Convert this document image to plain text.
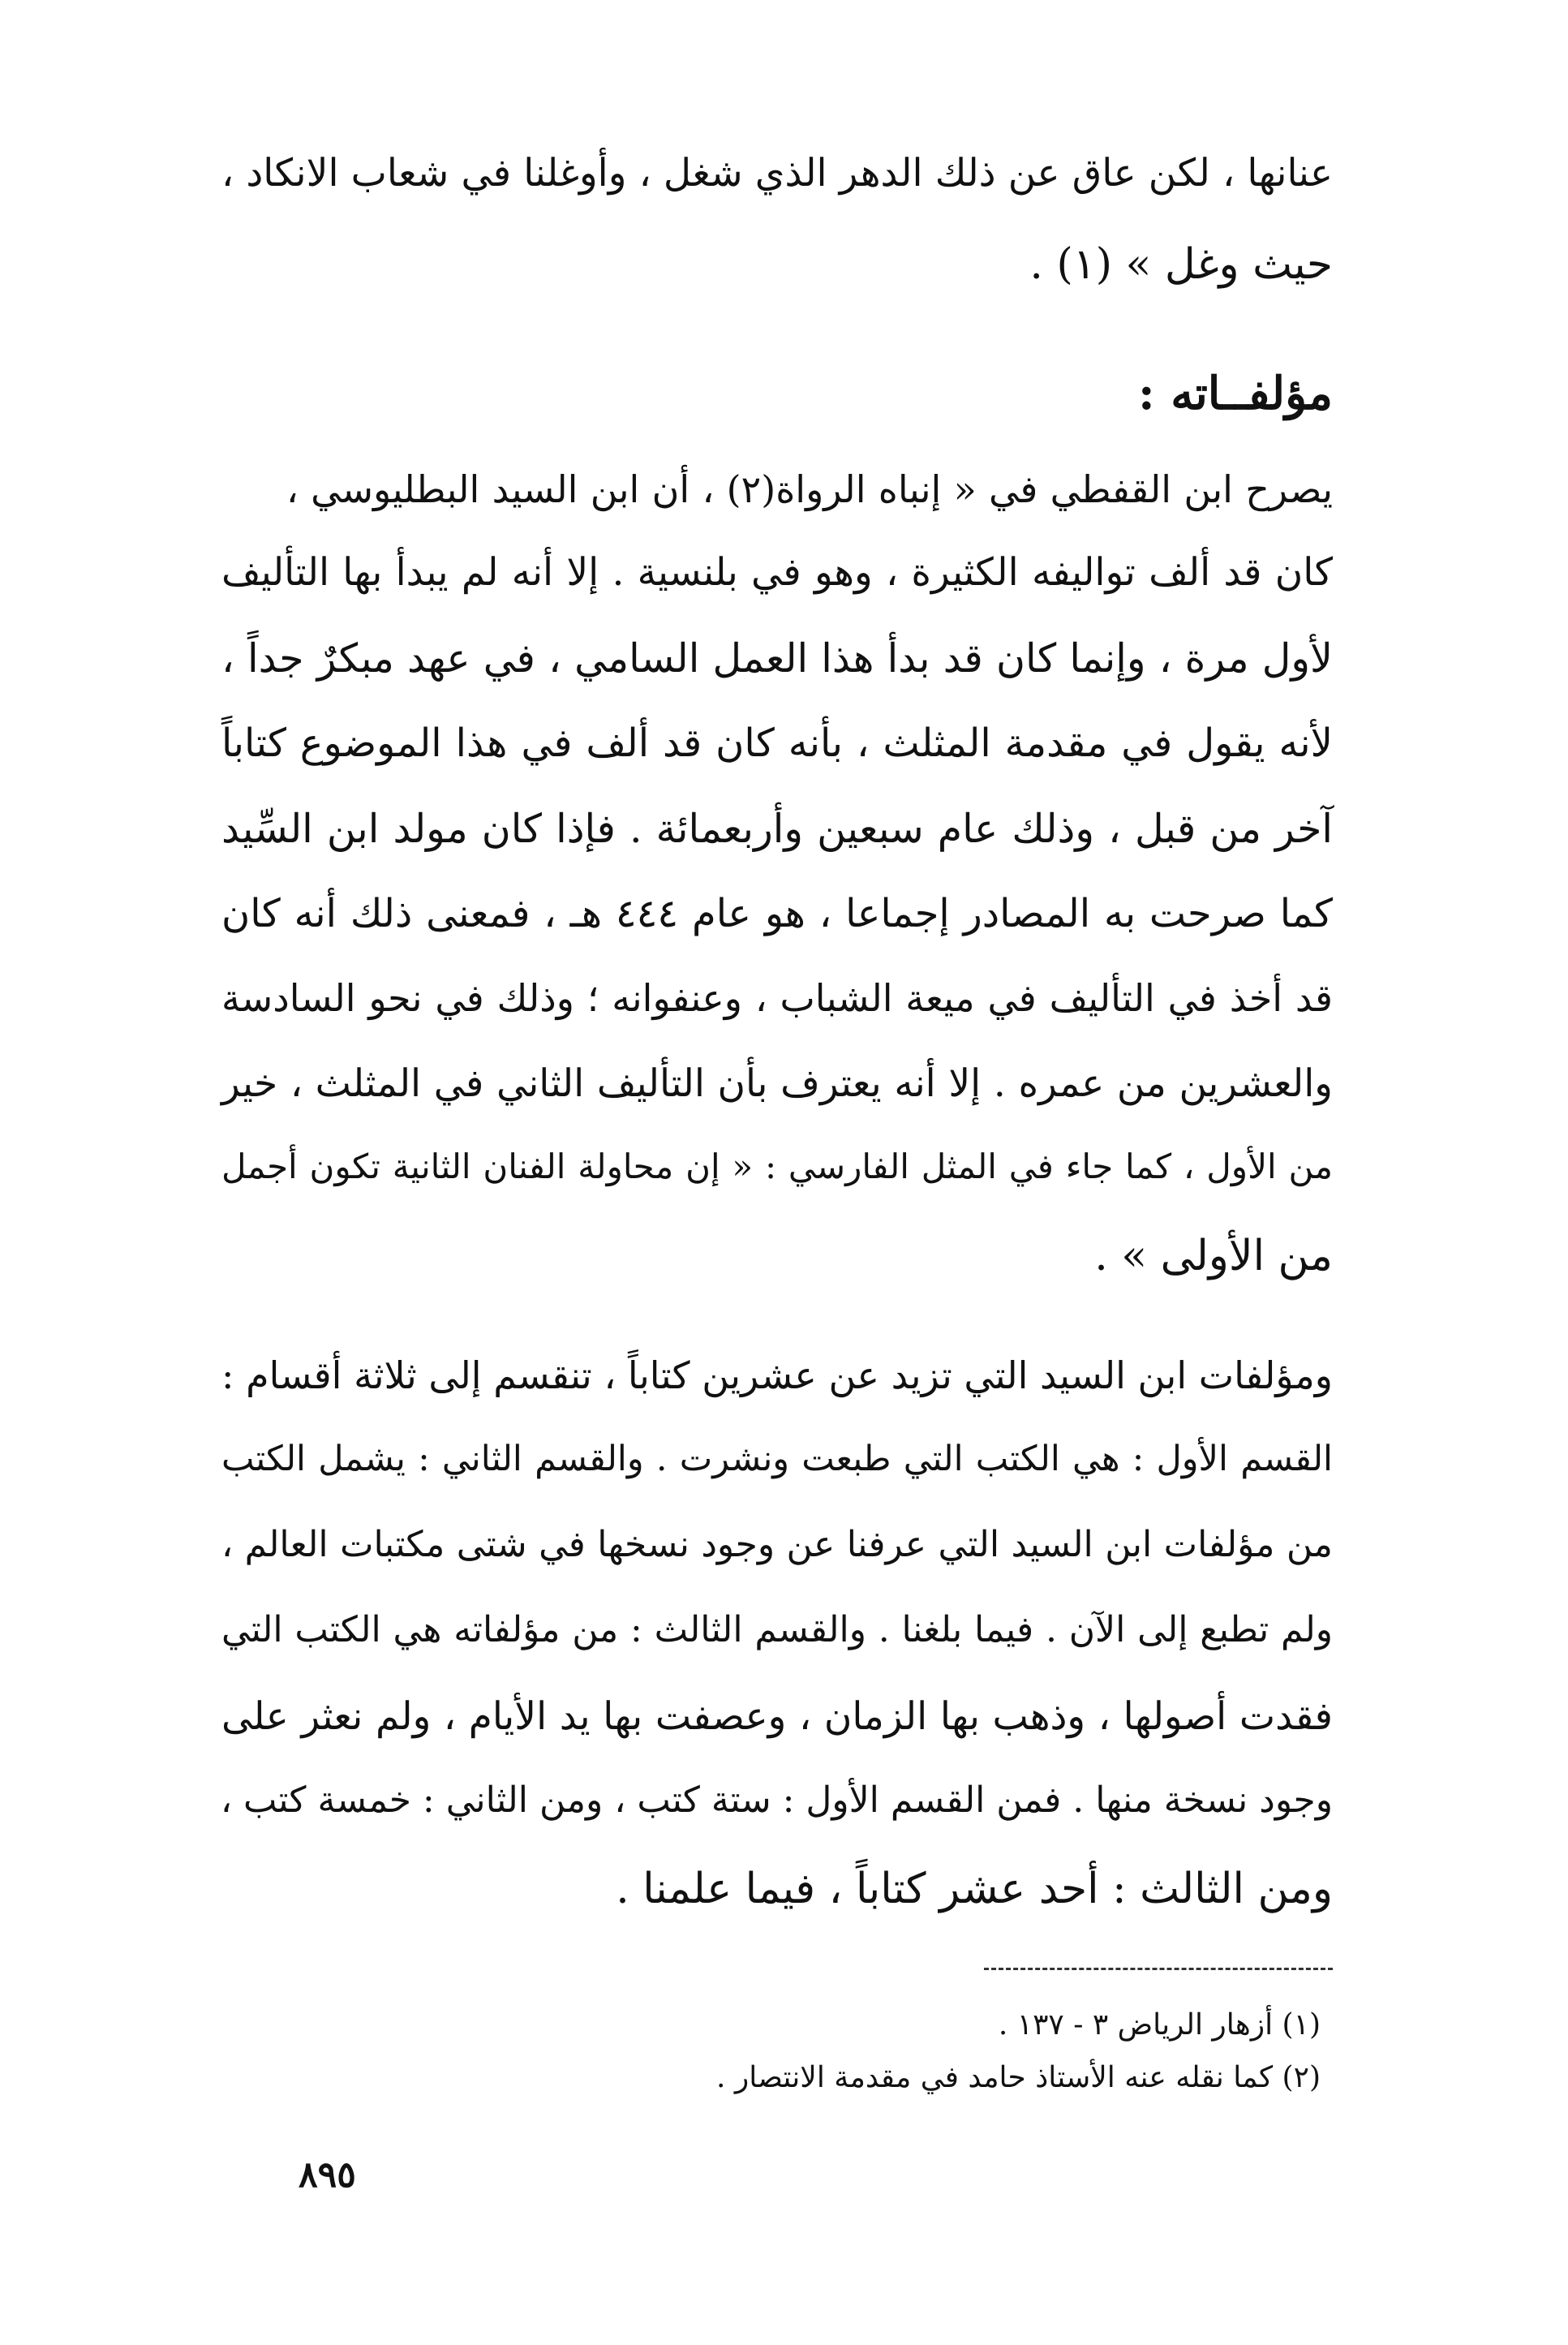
عنانها ، لكن عاق عن ذلك الدهر الذي شغل ، وأوغلنا في شعاب الانكاد ،
حيث وغل » (١) .
مؤلفــاته :
يصرح ابن القفطي في « إنباه الرواة(٢) ، أن ابن السيد البطليوسي ،
كان قد ألف تواليفه الكثيرة ، وهو في بلنسية . إلا أنه لم يبدأ بها التأليف
لأول مرة ، وإنما كان قد بدأ هذا العمل السامي ، في عهد مبكرٌ جداً ،
لأنه يقول في مقدمة المثلث ، بأنه كان قد ألف في هذا الموضوع كتاباً
آخر من قبل ، وذلك عام سبعين وأربعمائة . فإذا كان مولد ابن السِّيد
كما صرحت به المصادر إجماعا ، هو عام ٤٤٤ هـ ، فمعنى ذلك أنه كان
قد أخذ في التأليف في ميعة الشباب ، وعنفوانه ؛ وذلك في نحو السادسة
والعشرين من عمره . إلا أنه يعترف بأن التأليف الثاني في المثلث ، خير
من الأول ، كما جاء في المثل الفارسي : « إن محاولة الفنان الثانية تكون أجمل
من الأولى » .
ومؤلفات ابن السيد التي تزيد عن عشرين كتاباً ، تنقسم إلى ثلاثة أقسام :
القسم الأول : هي الكتب التي طبعت ونشرت . والقسم الثاني : يشمل الكتب
من مؤلفات ابن السيد التي عرفنا عن وجود نسخها في شتى مكتبات العالم ،
ولم تطبع إلى الآن . فيما بلغنا . والقسم الثالث : من مؤلفاته هي الكتب التي
فقدت أصولها ، وذهب بها الزمان ، وعصفت بها يد الأيام ، ولم نعثر على
وجود نسخة منها . فمن القسم الأول : ستة كتب ، ومن الثاني : خمسة كتب ،
ومن الثالث : أحد عشر كتاباً ، فيما علمنا .
(١) أزهار الرياض ٣ - ١٣٧ .
(٢) كما نقله عنه الأستاذ حامد في مقدمة الانتصار .
٨٩٥
